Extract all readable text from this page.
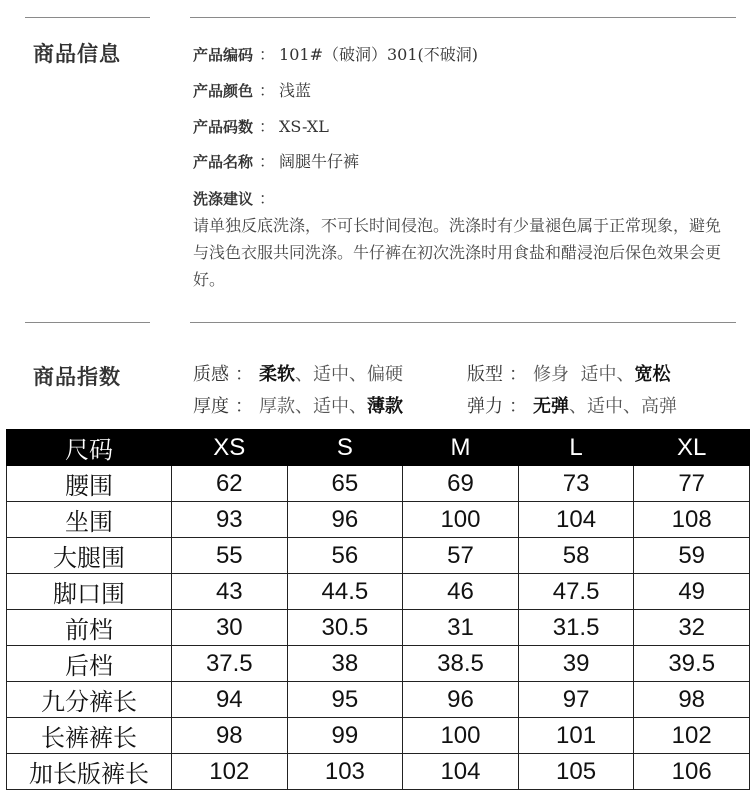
商品信息	产品编码 ： 101#（破洞）301(不破洞)
产品颜色 ： 浅蓝
产品码数 ： XS-XL
产品名称 ： 阔腿牛仔裤
洗涤建议 ：
请单独反底洗涤，不可长时间侵泡。洗涤时有少量褪色属于正常现象，避免与浅色衣服共同洗涤。牛仔裤在初次洗涤时用食盐和醋浸泡后保色效果会更好。
商品指数	质感 ： 柔软、适中、偏硬	版型 ： 修身 适中、宽松
厚度 ： 厚款、适中、薄款	弹力 ： 无弹、适中、高弹
尺码	XS	S	M	L	XL
腰围	62	65	69	73	77
坐围	93	96	100	104	108
大腿围	55	56	57	58	59
脚口围	43	44.5	46	47.5	49
前档	30	30.5	31	31.5	32
后档	37.5	38	38.5	39	39.5
九分裤长	94	95	96	97	98
长裤裤长	98	99	100	101	102
加长版裤长	102	103	104	105	106
